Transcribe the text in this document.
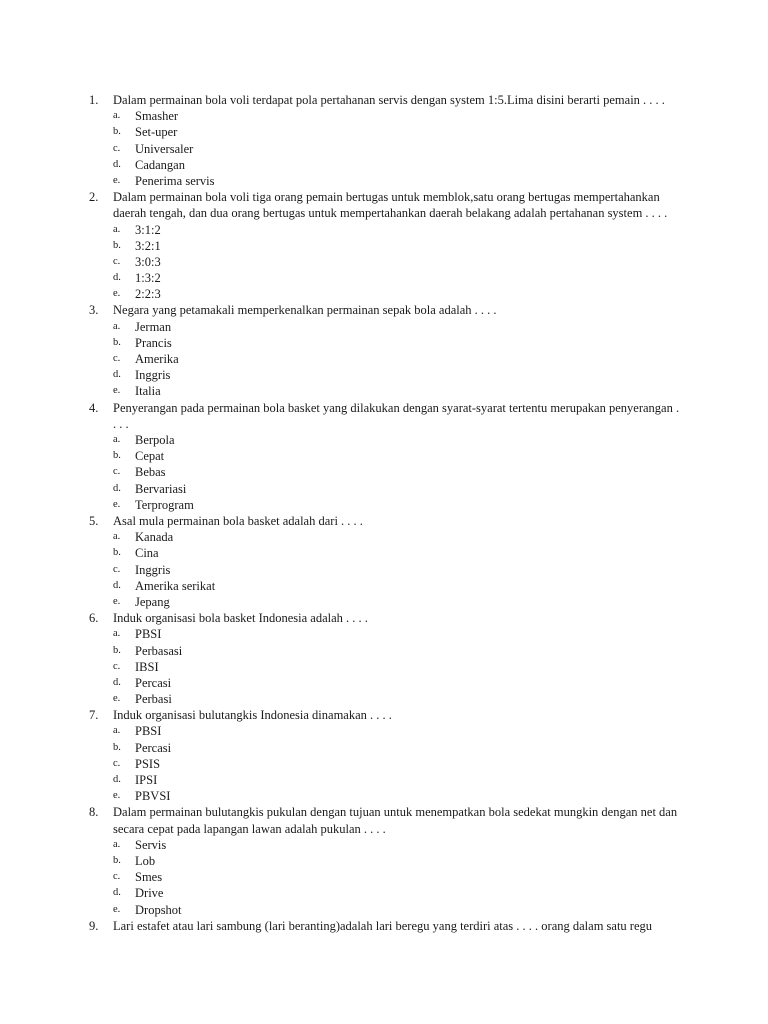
1. Dalam permainan bola voli terdapat pola pertahanan servis dengan system 1:5.Lima disini berarti pemain . . . .
a. Smasher
b. Set-uper
c. Universaler
d. Cadangan
e. Penerima servis
2. Dalam permainan bola voli tiga orang pemain bertugas untuk memblok,satu orang bertugas mempertahankan daerah tengah, dan dua orang bertugas untuk mempertahankan daerah belakang adalah pertahanan system . . . .
a. 3:1:2
b. 3:2:1
c. 3:0:3
d. 1:3:2
e. 2:2:3
3. Negara yang petamakali memperkenalkan permainan sepak bola adalah . . . .
a. Jerman
b. Prancis
c. Amerika
d. Inggris
e. Italia
4. Penyerangan pada permainan bola basket yang dilakukan dengan syarat-syarat tertentu merupakan penyerangan . . . .
a. Berpola
b. Cepat
c. Bebas
d. Bervariasi
e. Terprogram
5. Asal mula permainan bola basket adalah dari . . . .
a. Kanada
b. Cina
c. Inggris
d. Amerika serikat
e. Jepang
6. Induk organisasi bola basket Indonesia adalah . . . .
a. PBSI
b. Perbasasi
c. IBSI
d. Percasi
e. Perbasi
7. Induk organisasi bulutangkis Indonesia dinamakan . . . .
a. PBSI
b. Percasi
c. PSIS
d. IPSI
e. PBVSI
8. Dalam permainan bulutangkis pukulan dengan tujuan untuk menempatkan bola sedekat mungkin dengan net dan secara cepat pada lapangan lawan adalah pukulan . . . .
a. Servis
b. Lob
c. Smes
d. Drive
e. Dropshot
9. Lari estafet atau lari sambung (lari beranting)adalah lari beregu yang terdiri atas . . . . orang dalam satu regu
